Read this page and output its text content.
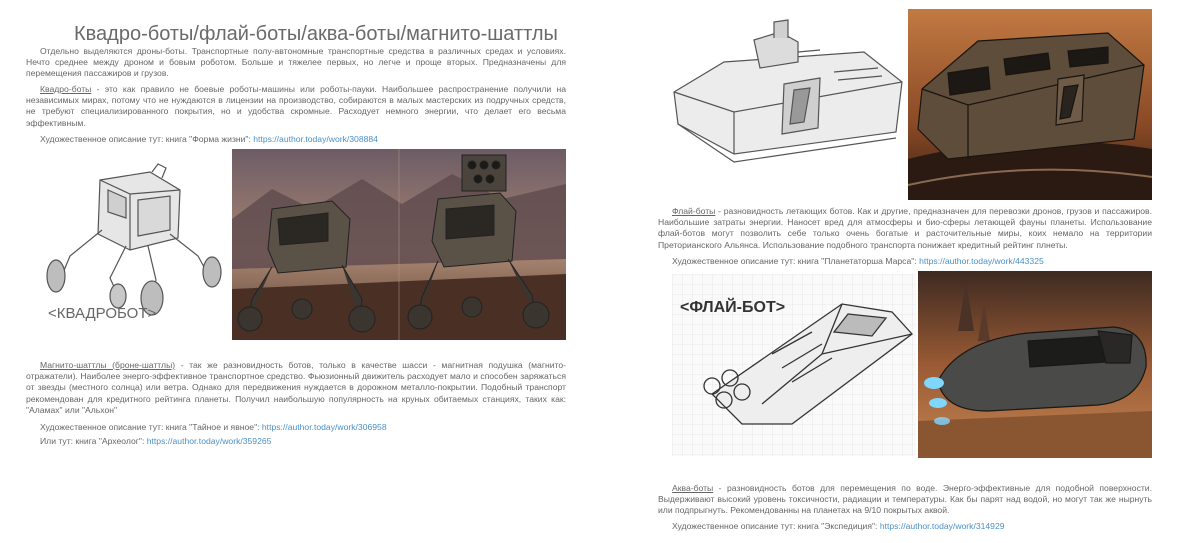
Квадро-боты/флай-боты/аква-боты/магнито-шаттлы

Отдельно выделяются дроны-боты. Транспортные полу-автономные транспортные средства в различных средах и условиях. Нечто среднее между дроном и бовым роботом. Больше и тяжелее первых, но легче и проще вторых. Предназначены для перемещения пассажиров и грузов.

Квадро-боты - это как правило не боевые роботы-машины или роботы-пауки. Наибольшее распространение получили на независимых мирах, потому что не нуждаются в лицензии на производство, собираются в малых мастерских из подручных средств, не требуют специализированного покрытия, но и удобства скромные. Расходует немного энергии, что делает его весьма эффективным.

Художественное описание тут: книга "Форма жизни": https://author.today/work/308884
<КВАДРОБОТ>

Магнито-шаттлы (броне-шаттлы) - так же разновидность ботов, только в качестве шасси - магнитная подушка (магнито-отражатели). Наиболее энерго-эффективное транспортное средство. Фьюзионный движитель расходует мало и способен заряжаться от звезды (местного солнца) или ветра. Однако для передвижения нуждается в дорожном металло-покрытии. Подобный транспорт рекомендован для кредитного рейтинга планеты. Получил наибольшую популярность на круных обитаемых станциях, таких как: "Аламах" или "Альхон"

Художественное описание тут: книга "Тайное и явное": https://author.today/work/306958
Или тут: книга "Археолог": https://author.today/work/359265

Флай-боты - разновидность летающих ботов. Как и другие, предназначен для перевозки дронов, грузов и пассажиров. Наибольшие затраты энергии. Наносет вред для атмосферы и био-сферы летающей фауны планеты. Использование флай-ботов могут позволить себе только очень богатые и расточительные миры, коих немало на территории Преторианского Альянса. Использование подобного транспорта понижает кредитный рейтинг плнеты.

Художественное описание тут: книга "Планетаторша Марса": https://author.today/work/443325
<ФЛАЙ-БОТ>

Аква-боты - разновидность ботов для перемещения по воде. Энерго-эффективные для подобной поверхности. Выдерживают высокий уровень токсичности, радиации и температуры. Как бы парят над водой, но могут так же нырнуть или подпрыгнуть. Рекомендованны на планетах на 9/10 покрытых аквой.

Художественное описание тут: книга "Экспедиция": https://author.today/work/314929
